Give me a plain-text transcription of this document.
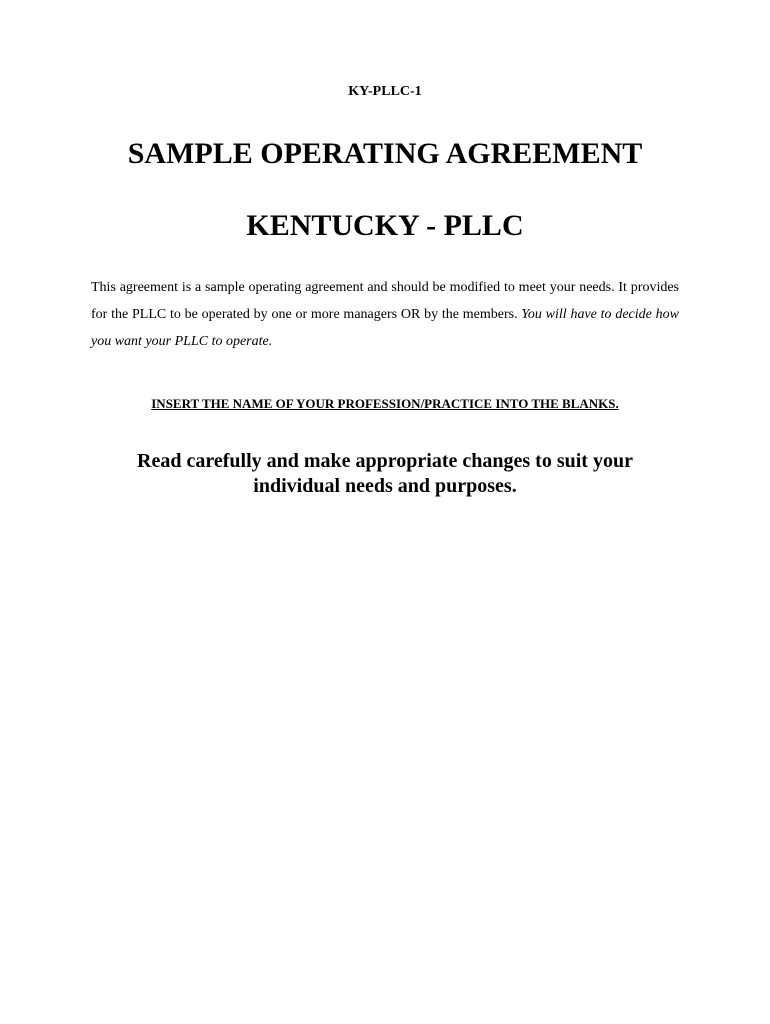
KY-PLLC-1
SAMPLE OPERATING AGREEMENT
KENTUCKY - PLLC

This agreement is a sample operating agreement and should be modified to meet your needs. It provides for the PLLC to be operated by one or more managers OR by the members. You will have to decide how you want your PLLC to operate.

INSERT THE NAME OF YOUR PROFESSION/PRACTICE INTO THE BLANKS.

Read carefully and make appropriate changes to suit your
individual needs and purposes.
